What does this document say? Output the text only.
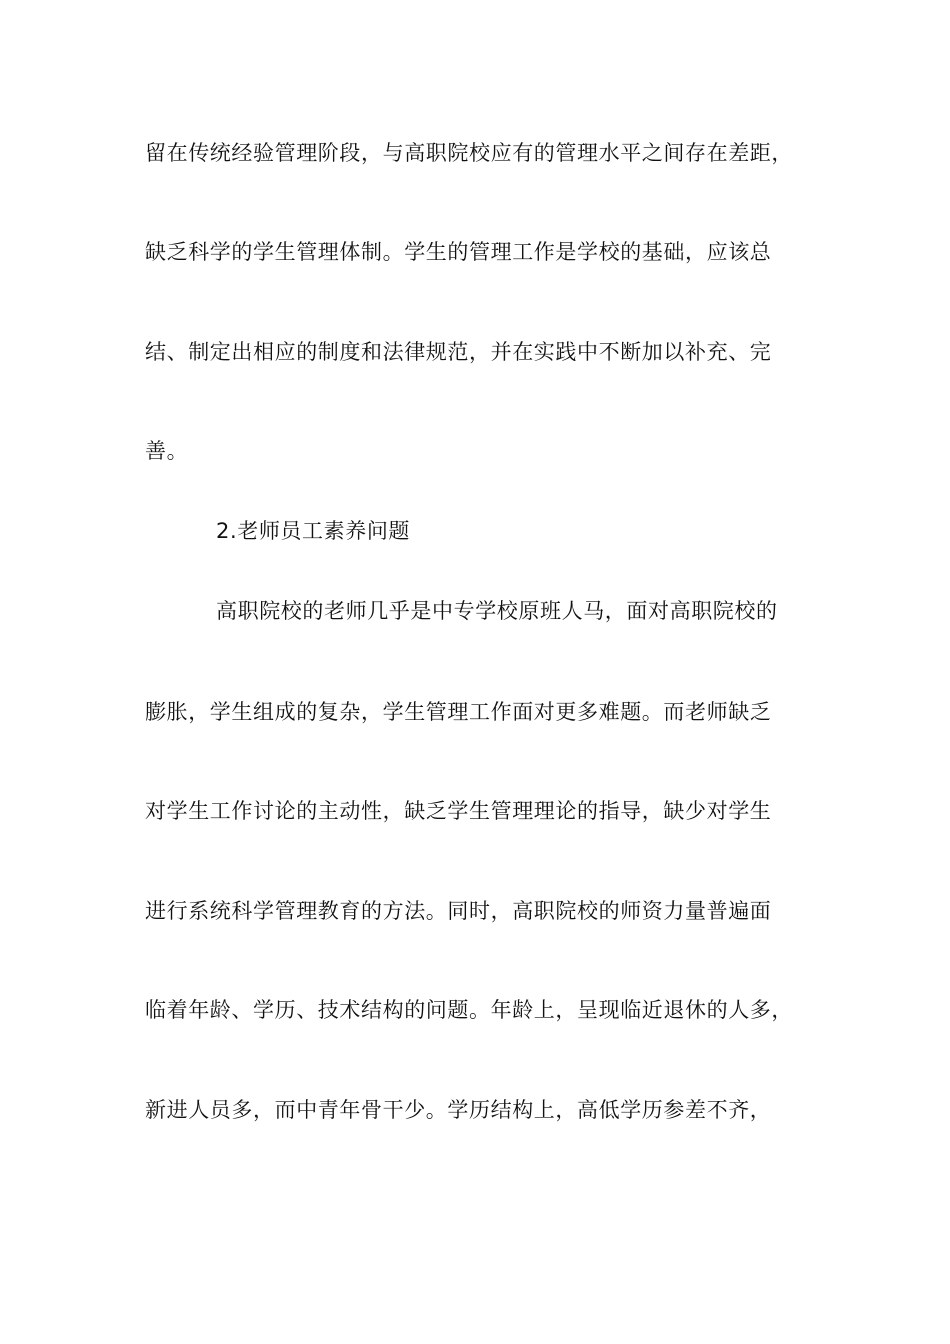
留在传统经验管理阶段，与高职院校应有的管理水平之间存在差距，
缺乏科学的学生管理体制。学生的管理工作是学校的基础，应该总
结、制定出相应的制度和法律规范，并在实践中不断加以补充、完
善。
2.老师员工素养问题
高职院校的老师几乎是中专学校原班人马，面对高职院校的
膨胀，学生组成的复杂，学生管理工作面对更多难题。而老师缺乏
对学生工作讨论的主动性，缺乏学生管理理论的指导，缺少对学生
进行系统科学管理教育的方法。同时，高职院校的师资力量普遍面
临着年龄、学历、技术结构的问题。年龄上，呈现临近退休的人多，
新进人员多，而中青年骨干少。学历结构上，高低学历参差不齐，
